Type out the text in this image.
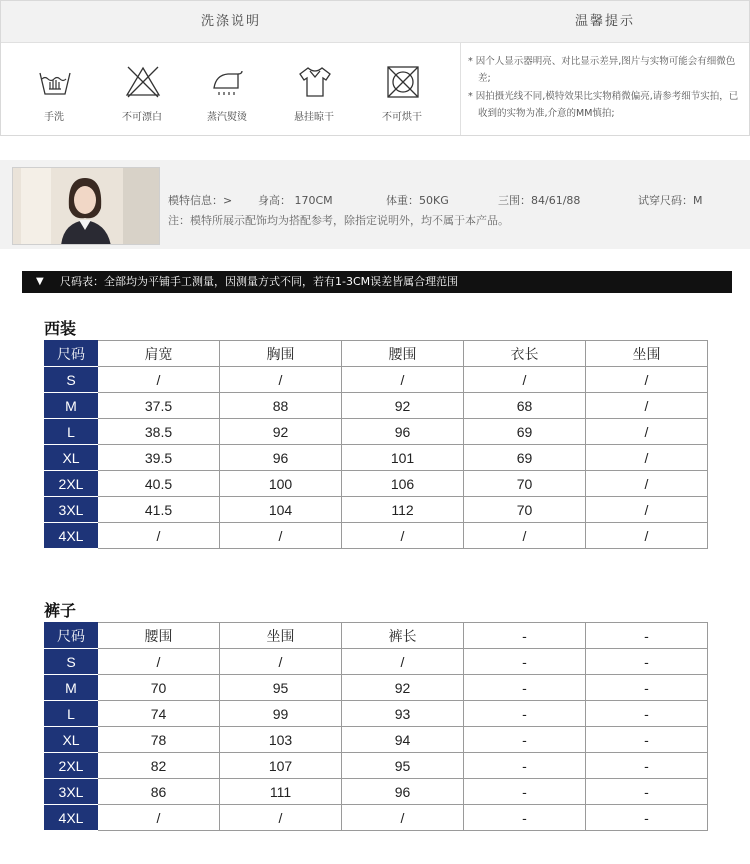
洗涤说明	温馨提示
手洗	不可漂白	蒸汽熨烫	悬挂晾干	不可烘干
* 因个人显示器明亮、对比显示差异,图片与实物可能会有细微色差;
* 因拍摄光线不同,模特效果比实物稍微偏亮,请参考细节实拍，已收到的实物为准,介意的MM慎拍;
模特信息：> 身高： 170CM	体重：50KG	三围：84/61/88	试穿尺码：M
注：模特所展示配饰均为搭配参考，除指定说明外，均不属于本产品。
▼ 尺码表：全部均为平铺手工测量，因测量方式不同，若有1-3CM误差皆属合理范围
西装
尺码	肩宽	胸围	腰围	衣长	坐围
S	/	/	/	/	/
M	37.5	88	92	68	/
L	38.5	92	96	69	/
XL	39.5	96	101	69	/
2XL	40.5	100	106	70	/
3XL	41.5	104	112	70	/
4XL	/	/	/	/	/
裤子
尺码	腰围	坐围	裤长	-	-
S	/	/	/	-	-
M	70	95	92	-	-
L	74	99	93	-	-
XL	78	103	94	-	-
2XL	82	107	95	-	-
3XL	86	111	96	-	-
4XL	/	/	/	-	-
